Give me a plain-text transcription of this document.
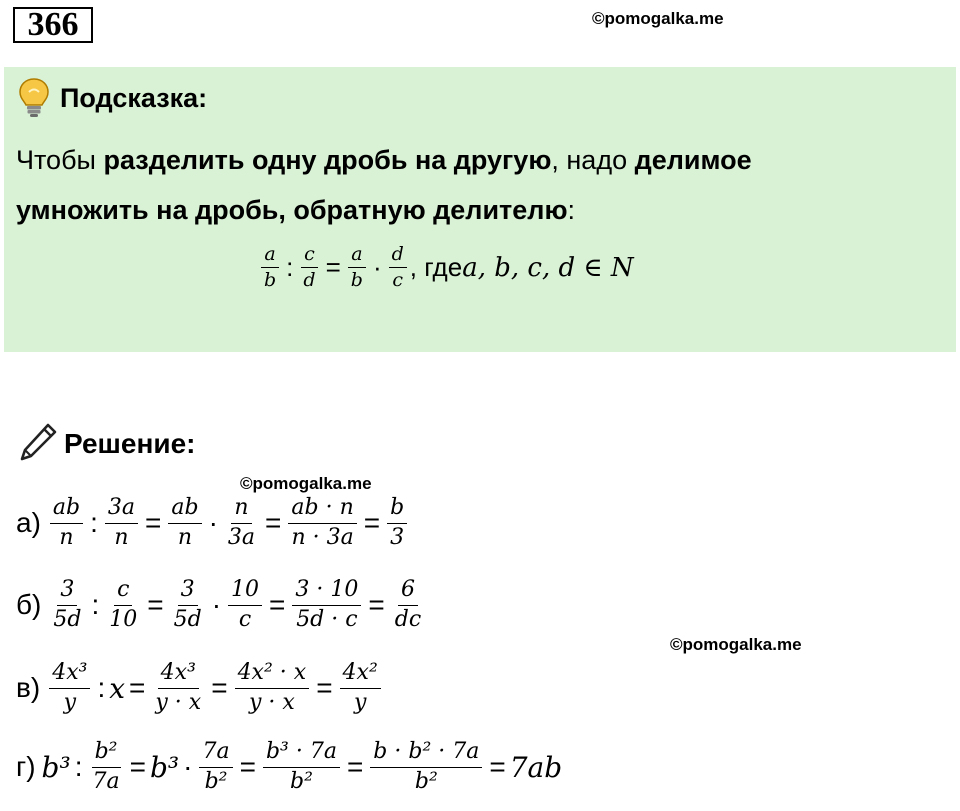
366	©pomogalka.me
©pomogalka.me
©pomogalka.me
Подсказка:
Чтобы разделить одну дробь на другую, надо делимое
умножить на дробь, обратную делителю:
$\frac{a}{b}$ : $\frac{c}{d} = \frac{a}{b} \cdot \frac{d}{c}$ , где a, b, c, d ∈ N
Решение:
$а) \frac{ab}{n}$ : $\frac{3a}{n} = \frac{ab}{n} \cdot \frac{n}{3a} = \frac{ab \cdot n}{n \cdot 3a} = \frac{b}{3}$
$б) \frac{3}{5d}$ : $\frac{c}{10} = \frac{3}{5d} \cdot \frac{10}{c} = \frac{3 \cdot 10}{5d \cdot c} = \frac{6}{dc}$
$в) \frac{\text{4x³}}{y}$ : $x = \frac{\text{4x³}}{y \cdot x} = \frac{\text{4x² · x}}{y \cdot x} = \frac{\text{4x²}}{y}$
г) b³ : $\frac{\text{b²}}{7a} = b^3 \cdot \frac{7a}{\text{b²}} = \frac{\text{b³ · 7a}}{\text{b²}} = \frac{\text{b · b² · 7a}}{\text{b²}} = 7ab$
